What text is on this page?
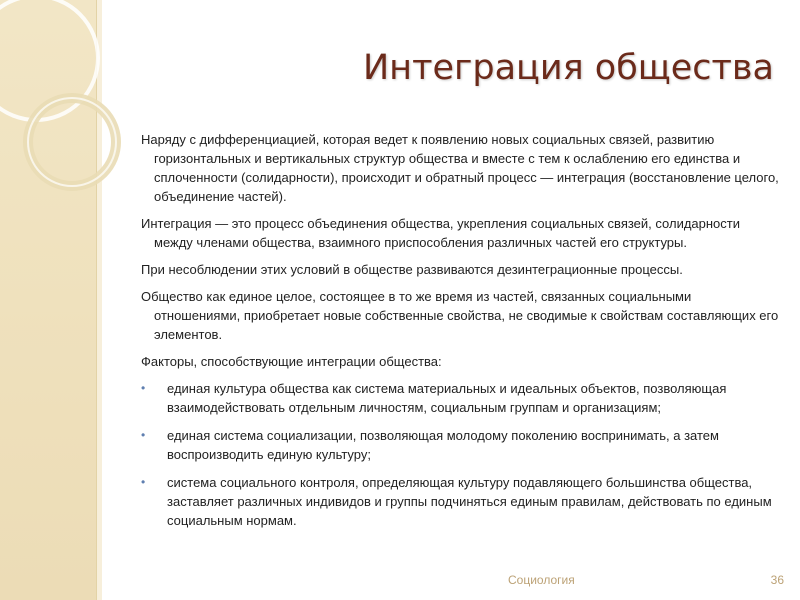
Интеграция общества

Наряду с дифференциацией, которая ведет к появлению новых социальных связей, развитию горизонтальных и вертикальных структур общества и вместе с тем к ослаблению его единства и сплоченности (солидарности), происходит и обратный процесс — интеграция (восстановление целого, объединение частей).

Интеграция — это процесс объединения общества, укрепления социальных связей, солидарности между членами общества, взаимного приспособления различных частей его структуры.

При несоблюдении этих условий в обществе развиваются дезинтеграционные процессы.

Общество как единое целое, состоящее в то же время из частей, связанных социальными отношениями, приобретает новые собственные свойства, не сводимые к свойствам составляющих его элементов.

Факторы, способствующие интеграции общества:

• единая культура общества как система материальных и идеальных объектов, позволяющая взаимодействовать отдельным личностям, социальным группам и организациям;
• единая система социализации, позволяющая молодому поколению воспринимать, а затем воспроизводить единую культуру;
• система социального контроля, определяющая культуру подавляющего большинства общества, заставляет различных индивидов и группы подчиняться единым правилам, действовать по единым социальным нормам.
Социология	36
